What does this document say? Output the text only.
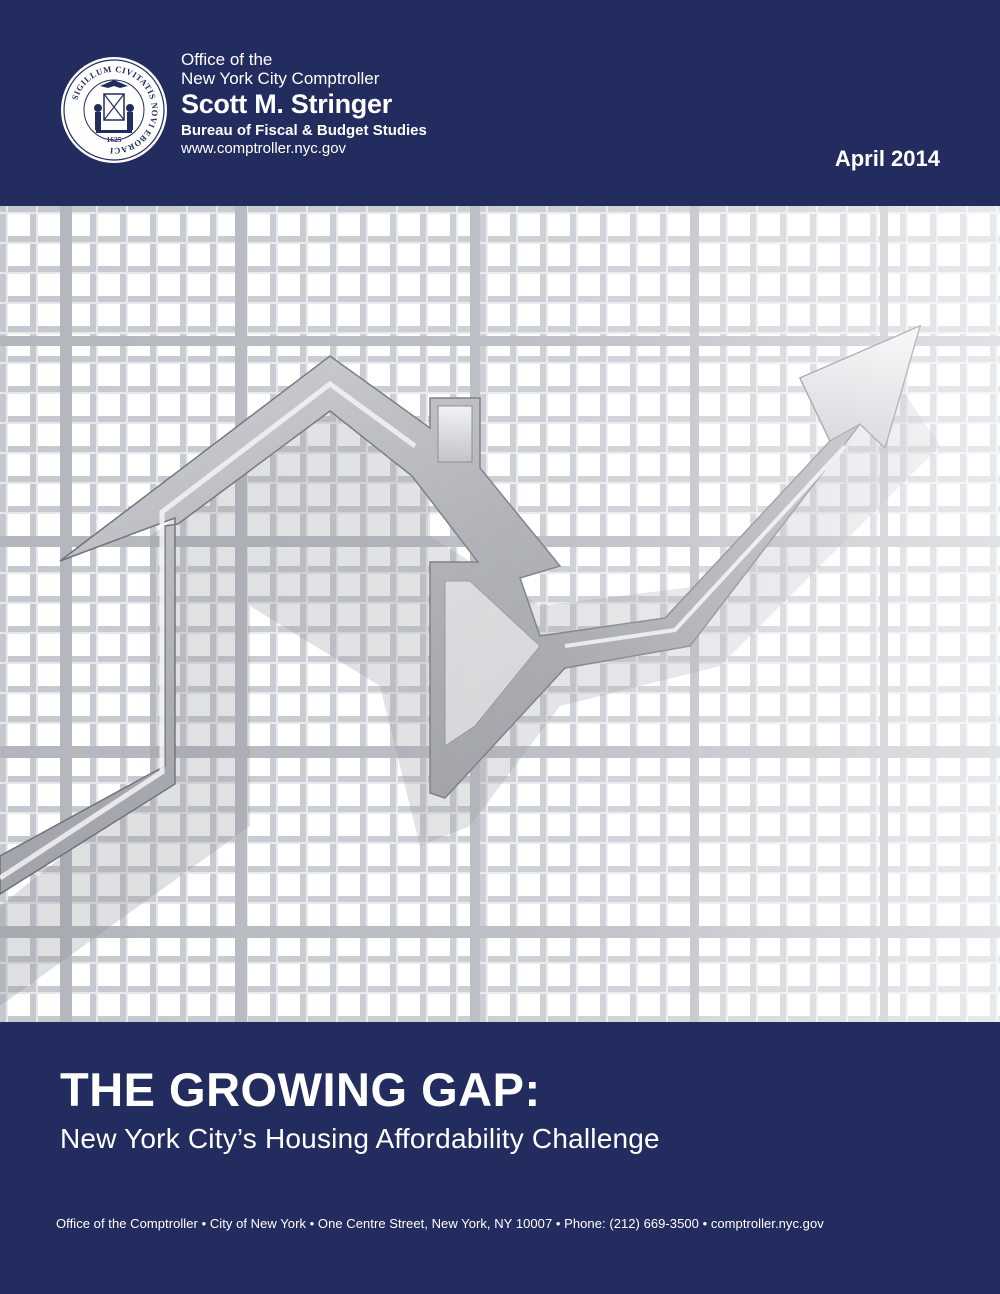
SIGILLUM CIVITATIS NOVI EBORACI
1625
Office of the
New York City Comptroller
Scott M. Stringer
Bureau of Fiscal & Budget Studies
www.comptroller.nyc.gov	April 2014
THE GROWING GAP:
New York City’s Housing Affordability Challenge
Office of the Comptroller • City of New York • One Centre Street, New York, NY 10007 • Phone: (212) 669-3500 • comptroller.nyc.gov
